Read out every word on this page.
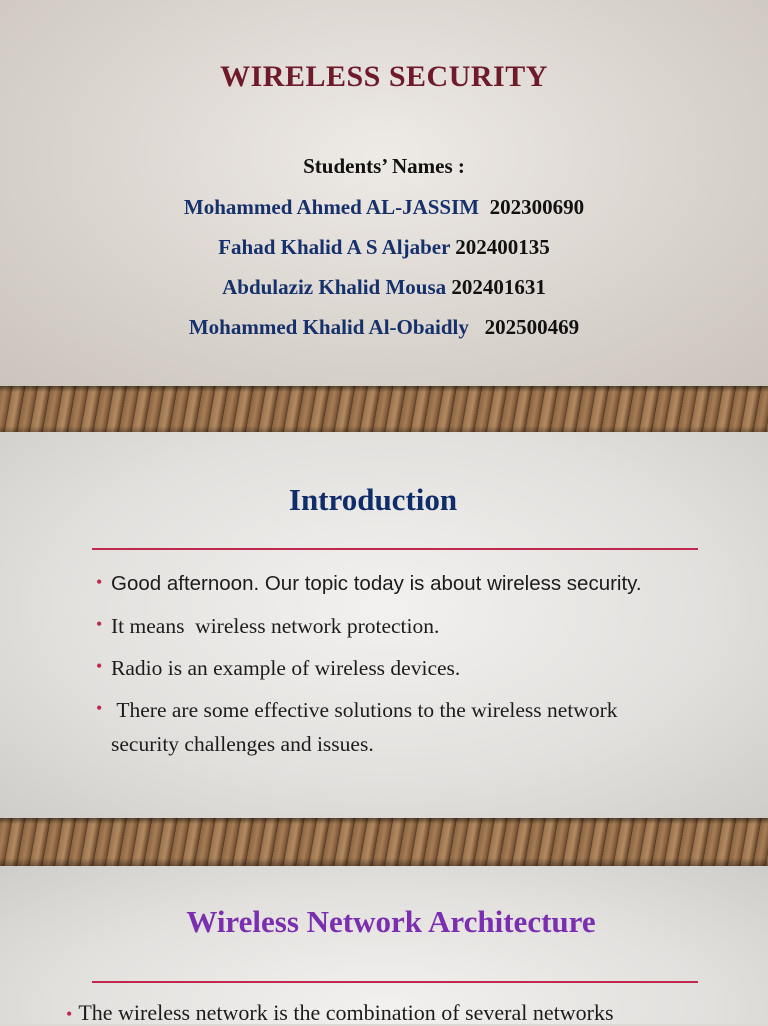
WIRELESS SECURITY
Students’ Names :
Mohammed Ahmed AL-JASSIM 202300690
Fahad Khalid A S Aljaber 202400135
Abdulaziz Khalid Mousa 202401631
Mohammed Khalid Al-Obaidly 202500469
Introduction
• Good afternoon. Our topic today is about wireless security.
• It means  wireless network protection.
• Radio is an example of wireless devices.
• There are some effective solutions to the wireless network security challenges and issues.
Wireless Network Architecture
• The wireless network is the combination of several networks
